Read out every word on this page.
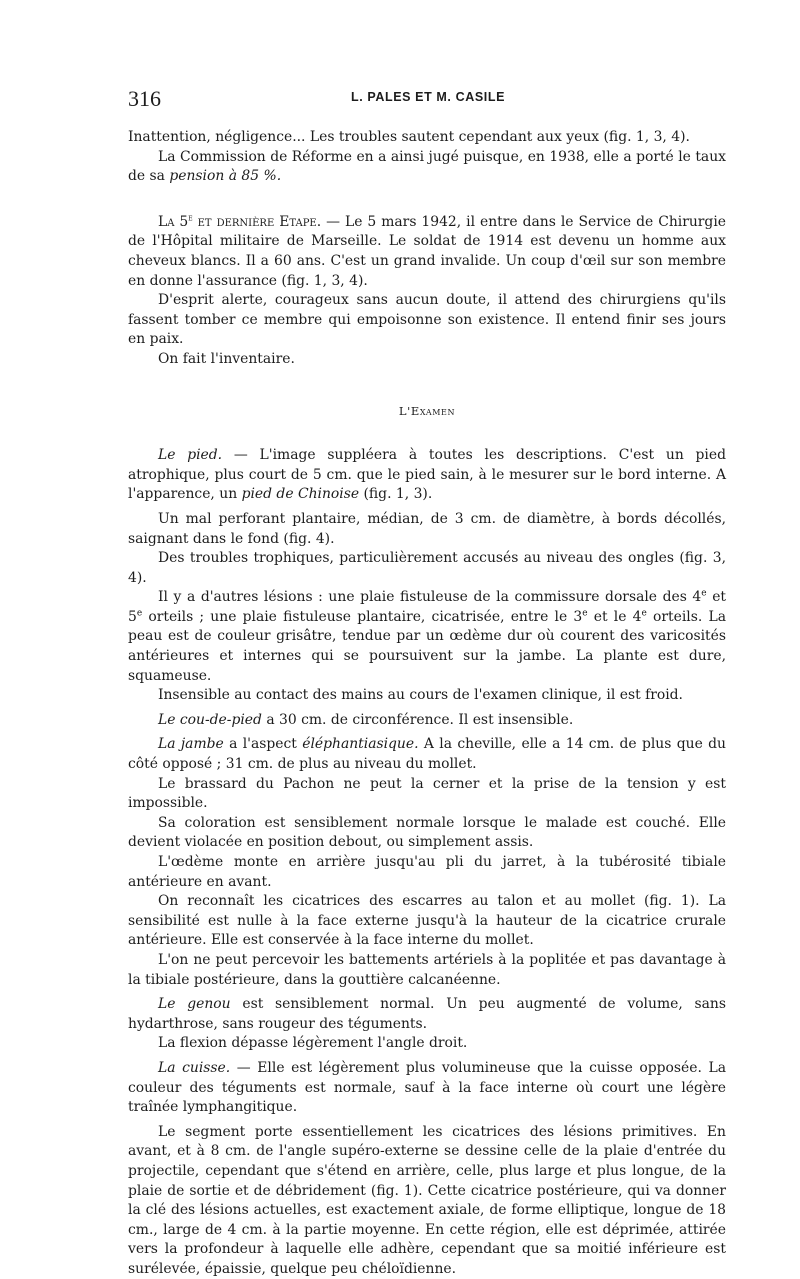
316	L. PALES ET M. CASILE

Inattention, négligence... Les troubles sautent cependant aux yeux (fig. 1, 3, 4).

La Commission de Réforme en a ainsi jugé puisque, en 1938, elle a porté le taux de sa pension à 85 %.

La 5e et dernière Etape. — Le 5 mars 1942, il entre dans le Service de Chirurgie de l'Hôpital militaire de Marseille. Le soldat de 1914 est devenu un homme aux cheveux blancs. Il a 60 ans. C'est un grand invalide. Un coup d'œil sur son membre en donne l'assurance (fig. 1, 3, 4).

D'esprit alerte, courageux sans aucun doute, il attend des chirurgiens qu'ils fassent tomber ce membre qui empoisonne son existence. Il entend finir ses jours en paix.

On fait l'inventaire.

L'Examen

Le pied. — L'image suppléera à toutes les descriptions. C'est un pied atrophique, plus court de 5 cm. que le pied sain, à le mesurer sur le bord interne. A l'apparence, un pied de Chinoise (fig. 1, 3).

Un mal perforant plantaire, médian, de 3 cm. de diamètre, à bords décollés, saignant dans le fond (fig. 4).

Des troubles trophiques, particulièrement accusés au niveau des ongles (fig. 3, 4).

Il y a d'autres lésions : une plaie fistuleuse de la commissure dorsale des 4e et 5e orteils ; une plaie fistuleuse plantaire, cicatrisée, entre le 3e et le 4e orteils. La peau est de couleur grisâtre, tendue par un œdème dur où courent des varicosités antérieures et internes qui se poursuivent sur la jambe. La plante est dure, squameuse.

Insensible au contact des mains au cours de l'examen clinique, il est froid.

Le cou-de-pied a 30 cm. de circonférence. Il est insensible.

La jambe a l'aspect éléphantiasique. A la cheville, elle a 14 cm. de plus que du côté opposé ; 31 cm. de plus au niveau du mollet.

Le brassard du Pachon ne peut la cerner et la prise de la tension y est impossible.

Sa coloration est sensiblement normale lorsque le malade est couché. Elle devient violacée en position debout, ou simplement assis.

L'œdème monte en arrière jusqu'au pli du jarret, à la tubérosité tibiale antérieure en avant.

On reconnaît les cicatrices des escarres au talon et au mollet (fig. 1). La sensibilité est nulle à la face externe jusqu'à la hauteur de la cicatrice crurale antérieure. Elle est conservée à la face interne du mollet.

L'on ne peut percevoir les battements artériels à la poplitée et pas davantage à la tibiale postérieure, dans la gouttière calcanéenne.

Le genou est sensiblement normal. Un peu augmenté de volume, sans hydarthrose, sans rougeur des téguments.

La flexion dépasse légèrement l'angle droit.

La cuisse. — Elle est légèrement plus volumineuse que la cuisse opposée. La couleur des téguments est normale, sauf à la face interne où court une légère traînée lymphangitique.

Le segment porte essentiellement les cicatrices des lésions primitives. En avant, et à 8 cm. de l'angle supéro-externe se dessine celle de la plaie d'entrée du projectile, cependant que s'étend en arrière, celle, plus large et plus longue, de la plaie de sortie et de débridement (fig. 1). Cette cicatrice postérieure, qui va donner la clé des lésions actuelles, est exactement axiale, de forme elliptique, longue de 18 cm., large de 4 cm. à la partie moyenne. En cette région, elle est déprimée, attirée vers la profondeur à laquelle elle adhère, cependant que sa moitié inférieure est surélevée, épaissie, quelque peu chéloïdienne.
